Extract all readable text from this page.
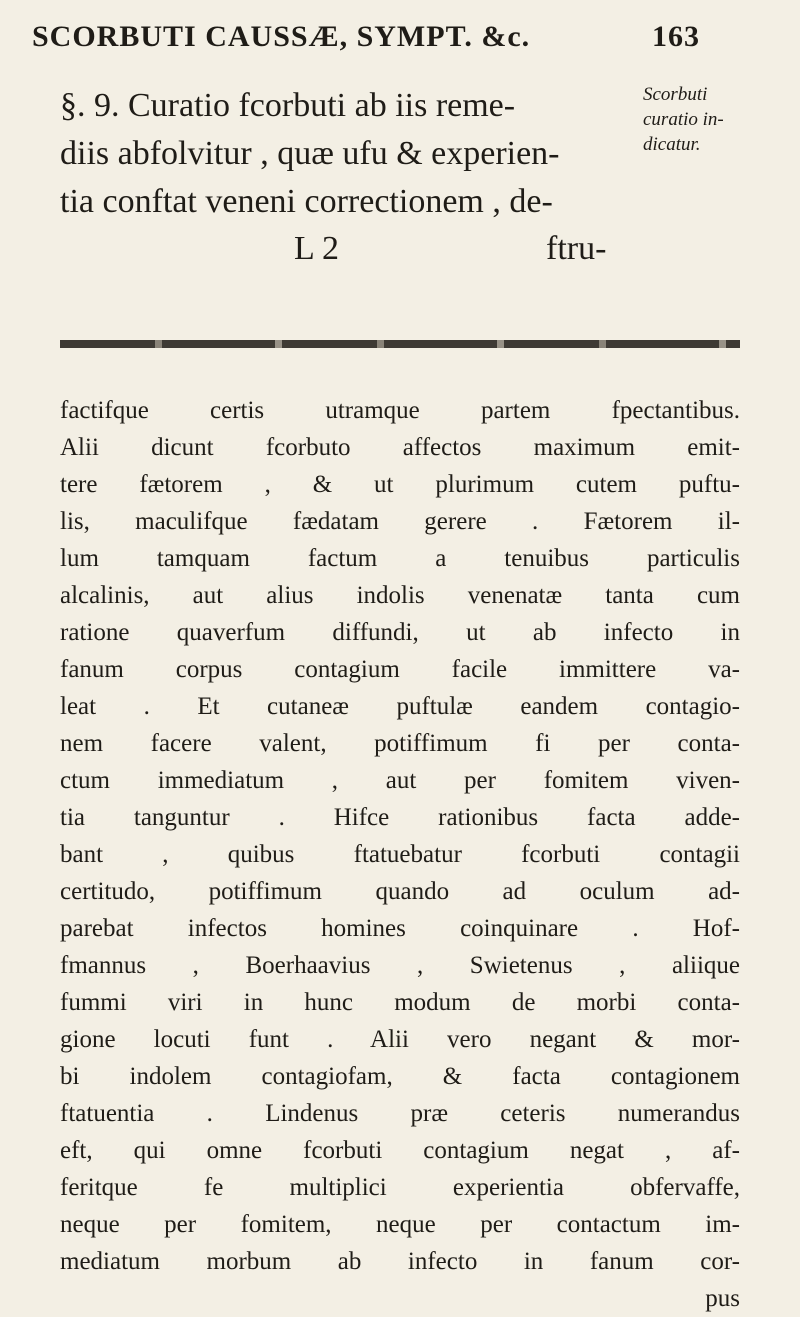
SCORBUTI CAUSSÆ, SYMPT. &c.	163
§. 9. Curatio fcorbuti ab iis reme-
diis abfolvitur , quæ ufu & experien-
tia conftat veneni correctionem , de-
L 2	ftru-
Scorbuti
curatio in-
dicatur.
factifque certis utramque partem fpectantibus.
Alii dicunt fcorbuto affectos maximum emit-
tere fætorem , & ut plurimum cutem puftu-
lis, maculifque fædatam gerere . Fætorem il-
lum tamquam factum a tenuibus particulis
alcalinis, aut alius indolis venenatæ tanta cum
ratione quaverfum diffundi, ut ab infecto in
fanum corpus contagium facile immittere va-
leat . Et cutaneæ puftulæ eandem contagio-
nem facere valent, potiffimum fi per conta-
ctum immediatum , aut per fomitem viven-
tia tanguntur . Hifce rationibus facta adde-
bant , quibus ftatuebatur fcorbuti contagii
certitudo, potiffimum quando ad oculum ad-
parebat infectos homines coinquinare . Hof-
fmannus , Boerhaavius , Swietenus , aliique
fummi viri in hunc modum de morbi conta-
gione locuti funt . Alii vero negant & mor-
bi indolem contagiofam, & facta contagionem
ftatuentia . Lindenus præ ceteris numerandus
eft, qui omne fcorbuti contagium negat , af-
feritque fe multiplici experientia obfervaffe,
neque per fomitem, neque per contactum im-
mediatum morbum ab infecto in fanum cor-
pus
